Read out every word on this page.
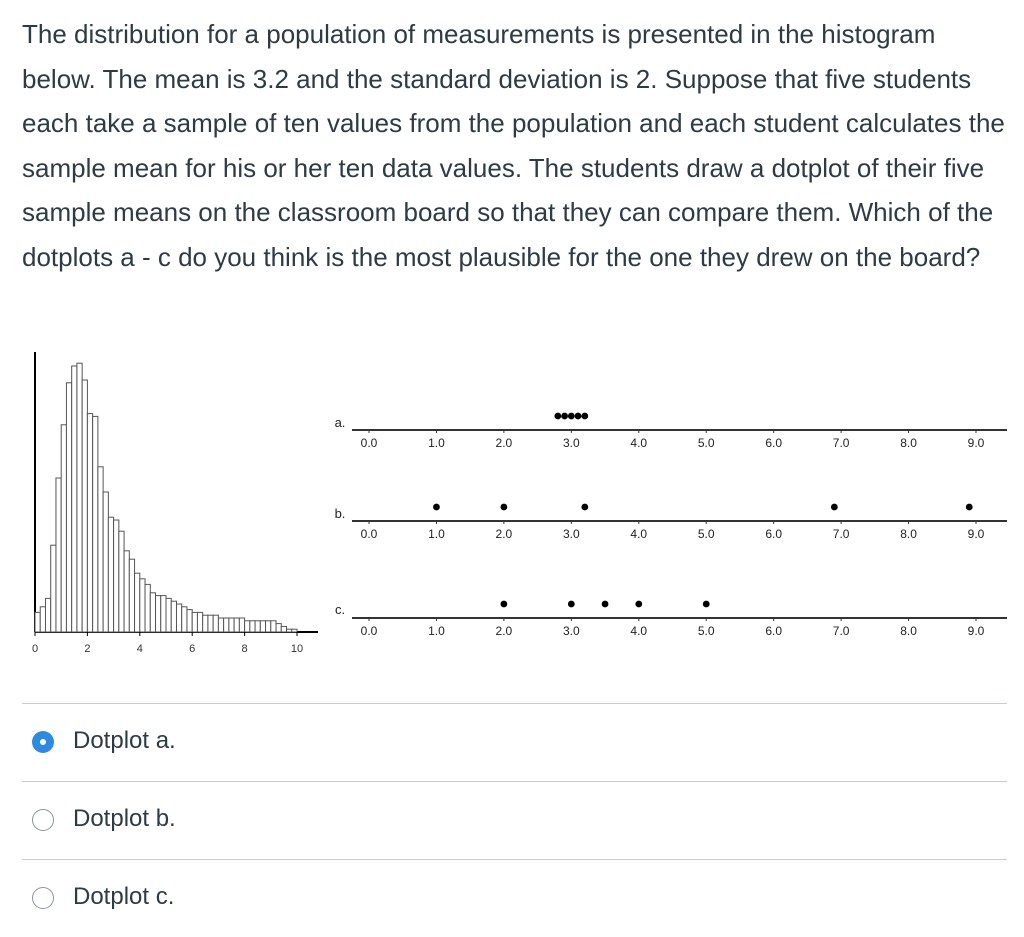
The distribution for a population of measurements is presented in the histogram below. The mean is 3.2 and the standard deviation is 2. Suppose that five students each take a sample of ten values from the population and each student calculates the sample mean for his or her ten data values. The students draw a dotplot of their five sample means on the classroom board so that they can compare them. Which of the dotplots a - c do you think is the most plausible for the one they drew on the board?

0	2	4	6	8	10
a.
0.0	1.0	2.0	3.0	4.0	5.0	6.0	7.0	8.0	9.0
b.
0.0	1.0	2.0	3.0	4.0	5.0	6.0	7.0	8.0	9.0
c.
0.0	1.0	2.0	3.0	4.0	5.0	6.0	7.0	8.0	9.0
Dotplot a.
Dotplot b.
Dotplot c.
